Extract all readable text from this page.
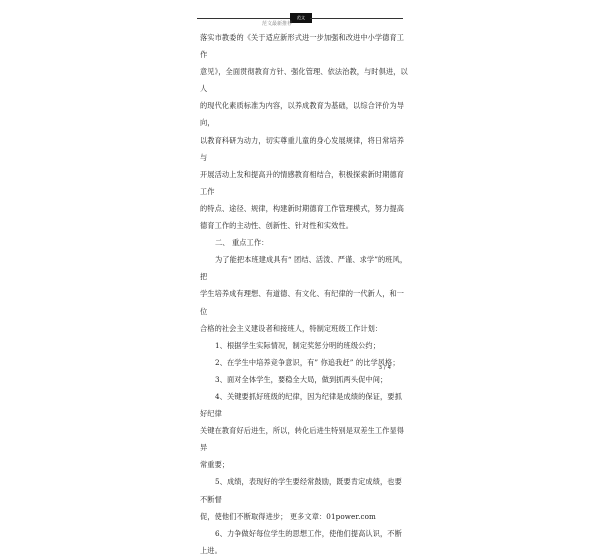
范文
范文最新推荐

落实市教委的《关于适应新形式进一步加强和改进中小学德育工作

意见》，全面贯彻教育方针、强化管理、依法治教，与时俱进，以人

的现代化素质标准为内容，以养成教育为基础，以综合评价为导向，

以教育科研为动力，切实尊重儿童的身心发展规律，将日常培养与

开展活动上发和提高升的情感教育相结合，积极探索新时期德育工作

的特点、途径、规律，构建新时期德育工作管理模式，努力提高

德育工作的主动性、创新性、针对性和实效性。

二、 重点工作：

为了能把本班建成具有“ 团结、活泼、严谨、求学”的班风，把

学生培养成有理想、有道德、有文化、有纪律的一代新人，和一位

合格的社会主义建设者和接班人，特制定班级工作计划：

1、根据学生实际情况，制定奖惩分明的班级公约；

2、在学生中培养竞争意识，有” 你追我赶” 的比学风格；

3、面对全体学生，要稳全大局，做到抓两头促中间；

4、关键要抓好班级的纪律，因为纪律是成绩的保证，要抓好纪律

关键在教育好后进生，所以，转化后进生特别是双差生工作显得异

常重要；

5、成绩，表现好的学生要经常鼓励，既要肯定成绩，也要不断督

促，使他们不断取得进步； 更多文章：01power.com

6、力争做好每位学生的思想工作，使他们提高认识，不断上进。

3 / 4
